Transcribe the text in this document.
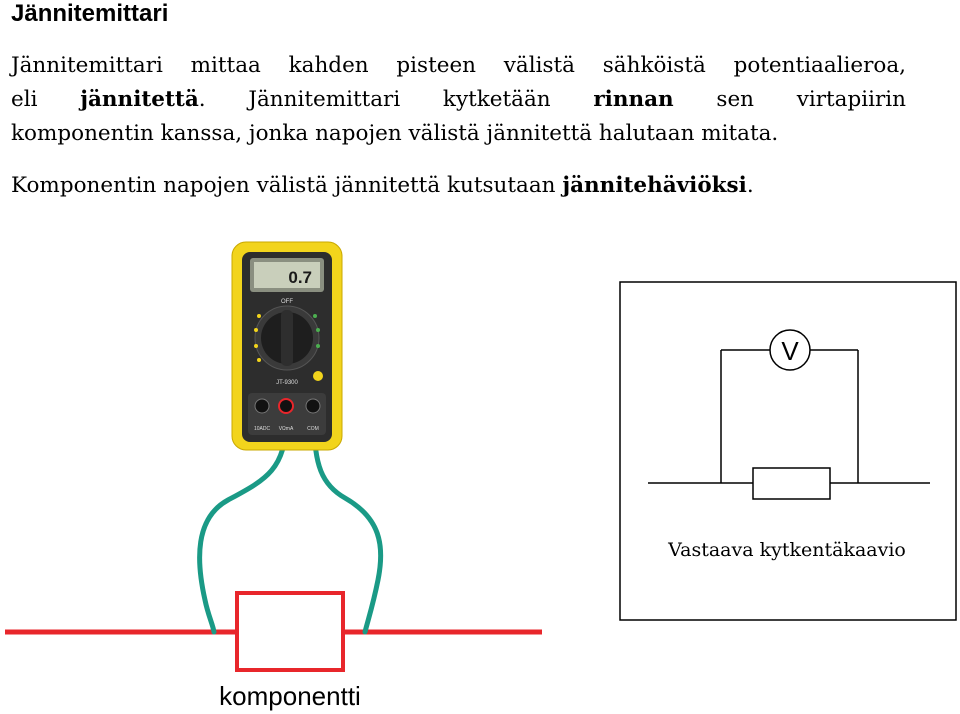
Jännitemittari
Jännitemittari mittaa kahden pisteen välistä sähköistä potentiaalieroa,
eli jännitettä. Jännitemittari kytketään rinnan sen virtapiirin
komponentin kanssa, jonka napojen välistä jännitettä halutaan mitata.
Komponentin napojen välistä jännitettä kutsutaan jännitehäviöksi.
0.7
OFF
JT-9300
10ADC VΩmA	COM
komponentti
V
Vastaava kytkentäkaavio
